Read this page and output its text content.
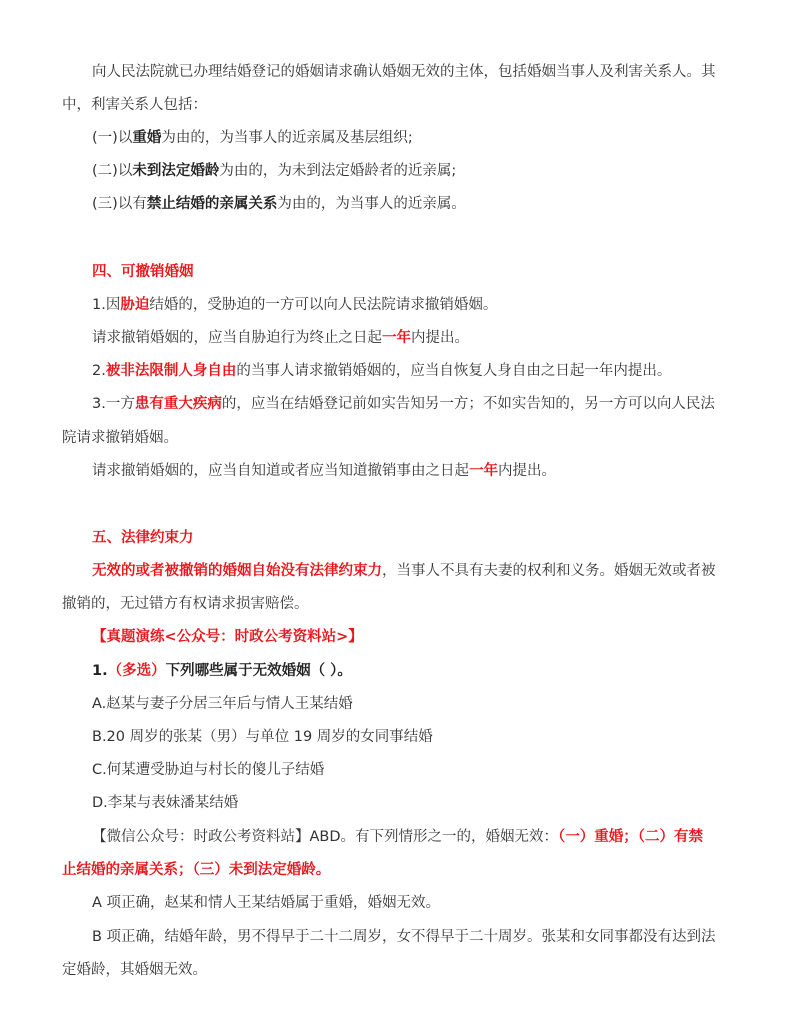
向人民法院就已办理结婚登记的婚姻请求确认婚姻无效的主体，包括婚姻当事人及利害关系人。其
中，利害关系人包括：
(一)以重婚为由的，为当事人的近亲属及基层组织;
(二)以未到法定婚龄为由的，为未到法定婚龄者的近亲属;
(三)以有禁止结婚的亲属关系为由的，为当事人的近亲属。
四、可撤销婚姻
1.因胁迫结婚的，受胁迫的一方可以向人民法院请求撤销婚姻。
请求撤销婚姻的，应当自胁迫行为终止之日起一年内提出。
2.被非法限制人身自由的当事人请求撤销婚姻的，应当自恢复人身自由之日起一年内提出。
3.一方患有重大疾病的，应当在结婚登记前如实告知另一方；不如实告知的，另一方可以向人民法
院请求撤销婚姻。
请求撤销婚姻的，应当自知道或者应当知道撤销事由之日起一年内提出。
五、法律约束力
无效的或者被撤销的婚姻自始没有法律约束力，当事人不具有夫妻的权利和义务。婚姻无效或者被
撤销的，无过错方有权请求损害赔偿。
【真题演练<公众号：时政公考资料站>】
1.（多选）下列哪些属于无效婚姻（ ）。
A.赵某与妻子分居三年后与情人王某结婚
B.20 周岁的张某（男）与单位 19 周岁的女同事结婚
C.何某遭受胁迫与村长的傻儿子结婚
D.李某与表妹潘某结婚
【微信公众号：时政公考资料站】ABD。有下列情形之一的，婚姻无效：（一）重婚；（二）有禁
止结婚的亲属关系；（三）未到法定婚龄。
A 项正确，赵某和情人王某结婚属于重婚，婚姻无效。
B 项正确，结婚年龄，男不得早于二十二周岁，女不得早于二十周岁。张某和女同事都没有达到法
定婚龄，其婚姻无效。
